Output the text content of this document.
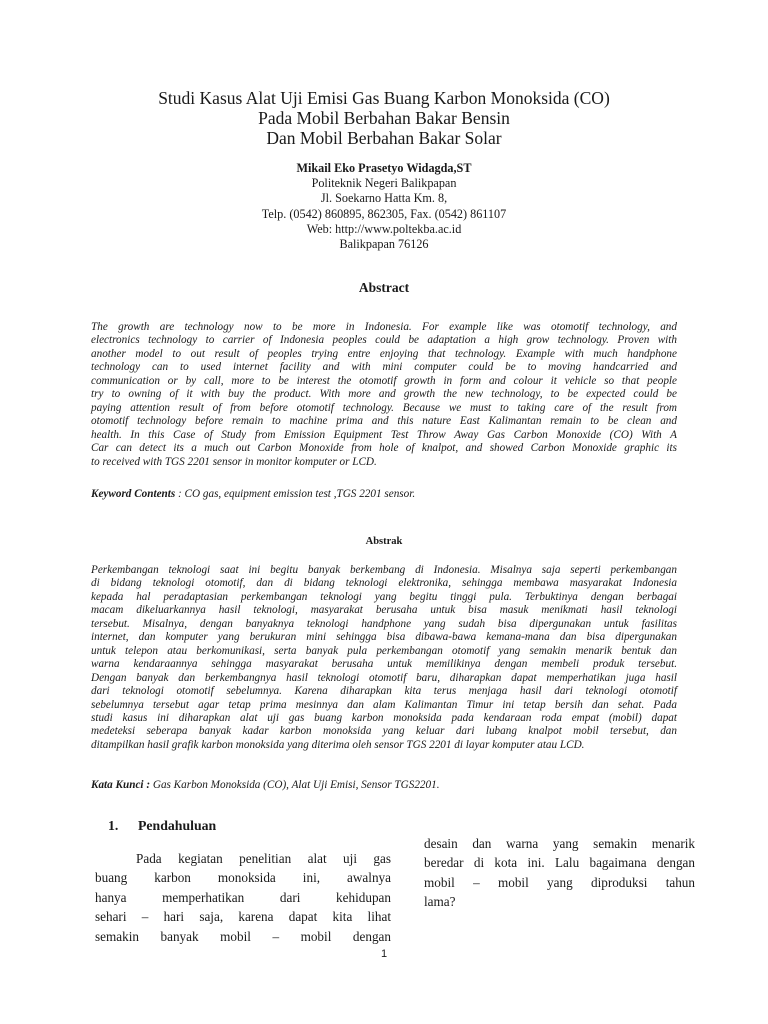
Studi Kasus Alat Uji Emisi Gas Buang Karbon Monoksida (CO)
Pada Mobil Berbahan Bakar Bensin
Dan Mobil Berbahan Bakar Solar
Mikail Eko Prasetyo Widagda,ST
Politeknik Negeri Balikpapan
Jl. Soekarno Hatta Km. 8,
Telp. (0542) 860895, 862305, Fax. (0542) 861107
Web: http://www.poltekba.ac.id
Balikpapan 76126
Abstract
The growth are technology now to be more in Indonesia. For example like was otomotif technology, and
electronics technology to carrier of Indonesia peoples could be adaptation a high grow technology. Proven with
another model to out result of peoples trying entre enjoying that technology. Example with much handphone
technology can to used internet facility and with mini computer could be to moving handcarried and
communication or by call, more to be interest the otomotif growth in form and colour it vehicle so that people
try to owning of it with buy the product. With more and growth the new technology, to be expected could be
paying attention result of from before otomotif technology. Because we must to taking care of the result from
otomotif technology before remain to machine prima and this nature East Kalimantan remain to be clean and
health. In this Case of Study from Emission Equipment Test Throw Away Gas Carbon Monoxide (CO) With A
Car can detect its a much out Carbon Monoxide from hole of knalpot, and showed Carbon Monoxide graphic its
to received with TGS 2201 sensor in monitor komputer or LCD.
Keyword Contents : CO gas, equipment emission test ,TGS 2201 sensor.
Abstrak
Perkembangan teknologi saat ini begitu banyak berkembang di Indonesia. Misalnya saja seperti perkembangan
di bidang teknologi otomotif, dan di bidang teknologi elektronika, sehingga membawa masyarakat Indonesia
kepada hal peradaptasian perkembangan teknologi yang begitu tinggi pula. Terbuktinya dengan berbagai
macam dikeluarkannya hasil teknologi, masyarakat berusaha untuk bisa masuk menikmati hasil teknologi
tersebut. Misalnya, dengan banyaknya teknologi handphone yang sudah bisa dipergunakan untuk fasilitas
internet, dan komputer yang berukuran mini sehingga bisa dibawa-bawa kemana-mana dan bisa dipergunakan
untuk telepon atau berkomunikasi, serta banyak pula perkembangan otomotif yang semakin menarik bentuk dan
warna kendaraannya sehingga masyarakat berusaha untuk memilikinya dengan membeli produk tersebut.
Dengan banyak dan berkembangnya hasil teknologi otomotif baru, diharapkan dapat memperhatikan juga hasil
dari teknologi otomotif sebelumnya. Karena diharapkan kita terus menjaga hasil dari teknologi otomotif
sebelumnya tersebut agar tetap prima mesinnya dan alam Kalimantan Timur ini tetap bersih dan sehat. Pada
studi kasus ini diharapkan alat uji gas buang karbon monoksida pada kendaraan roda empat (mobil) dapat
medeteksi seberapa banyak kadar karbon monoksida yang keluar dari lubang knalpot mobil tersebut, dan
ditampilkan hasil grafik karbon monoksida yang diterima oleh sensor TGS 2201 di layar komputer atau LCD.
Kata Kunci : Gas Karbon Monoksida (CO), Alat Uji Emisi, Sensor TGS2201.
1. Pendahuluan
Pada kegiatan penelitian alat uji gas
buang karbon monoksida ini, awalnya
hanya memperhatikan dari kehidupan
sehari – hari saja, karena dapat kita lihat
semakin banyak mobil – mobil dengan
desain dan warna yang semakin menarik
beredar di kota ini. Lalu bagaimana dengan
mobil – mobil yang diproduksi tahun
lama?
1
